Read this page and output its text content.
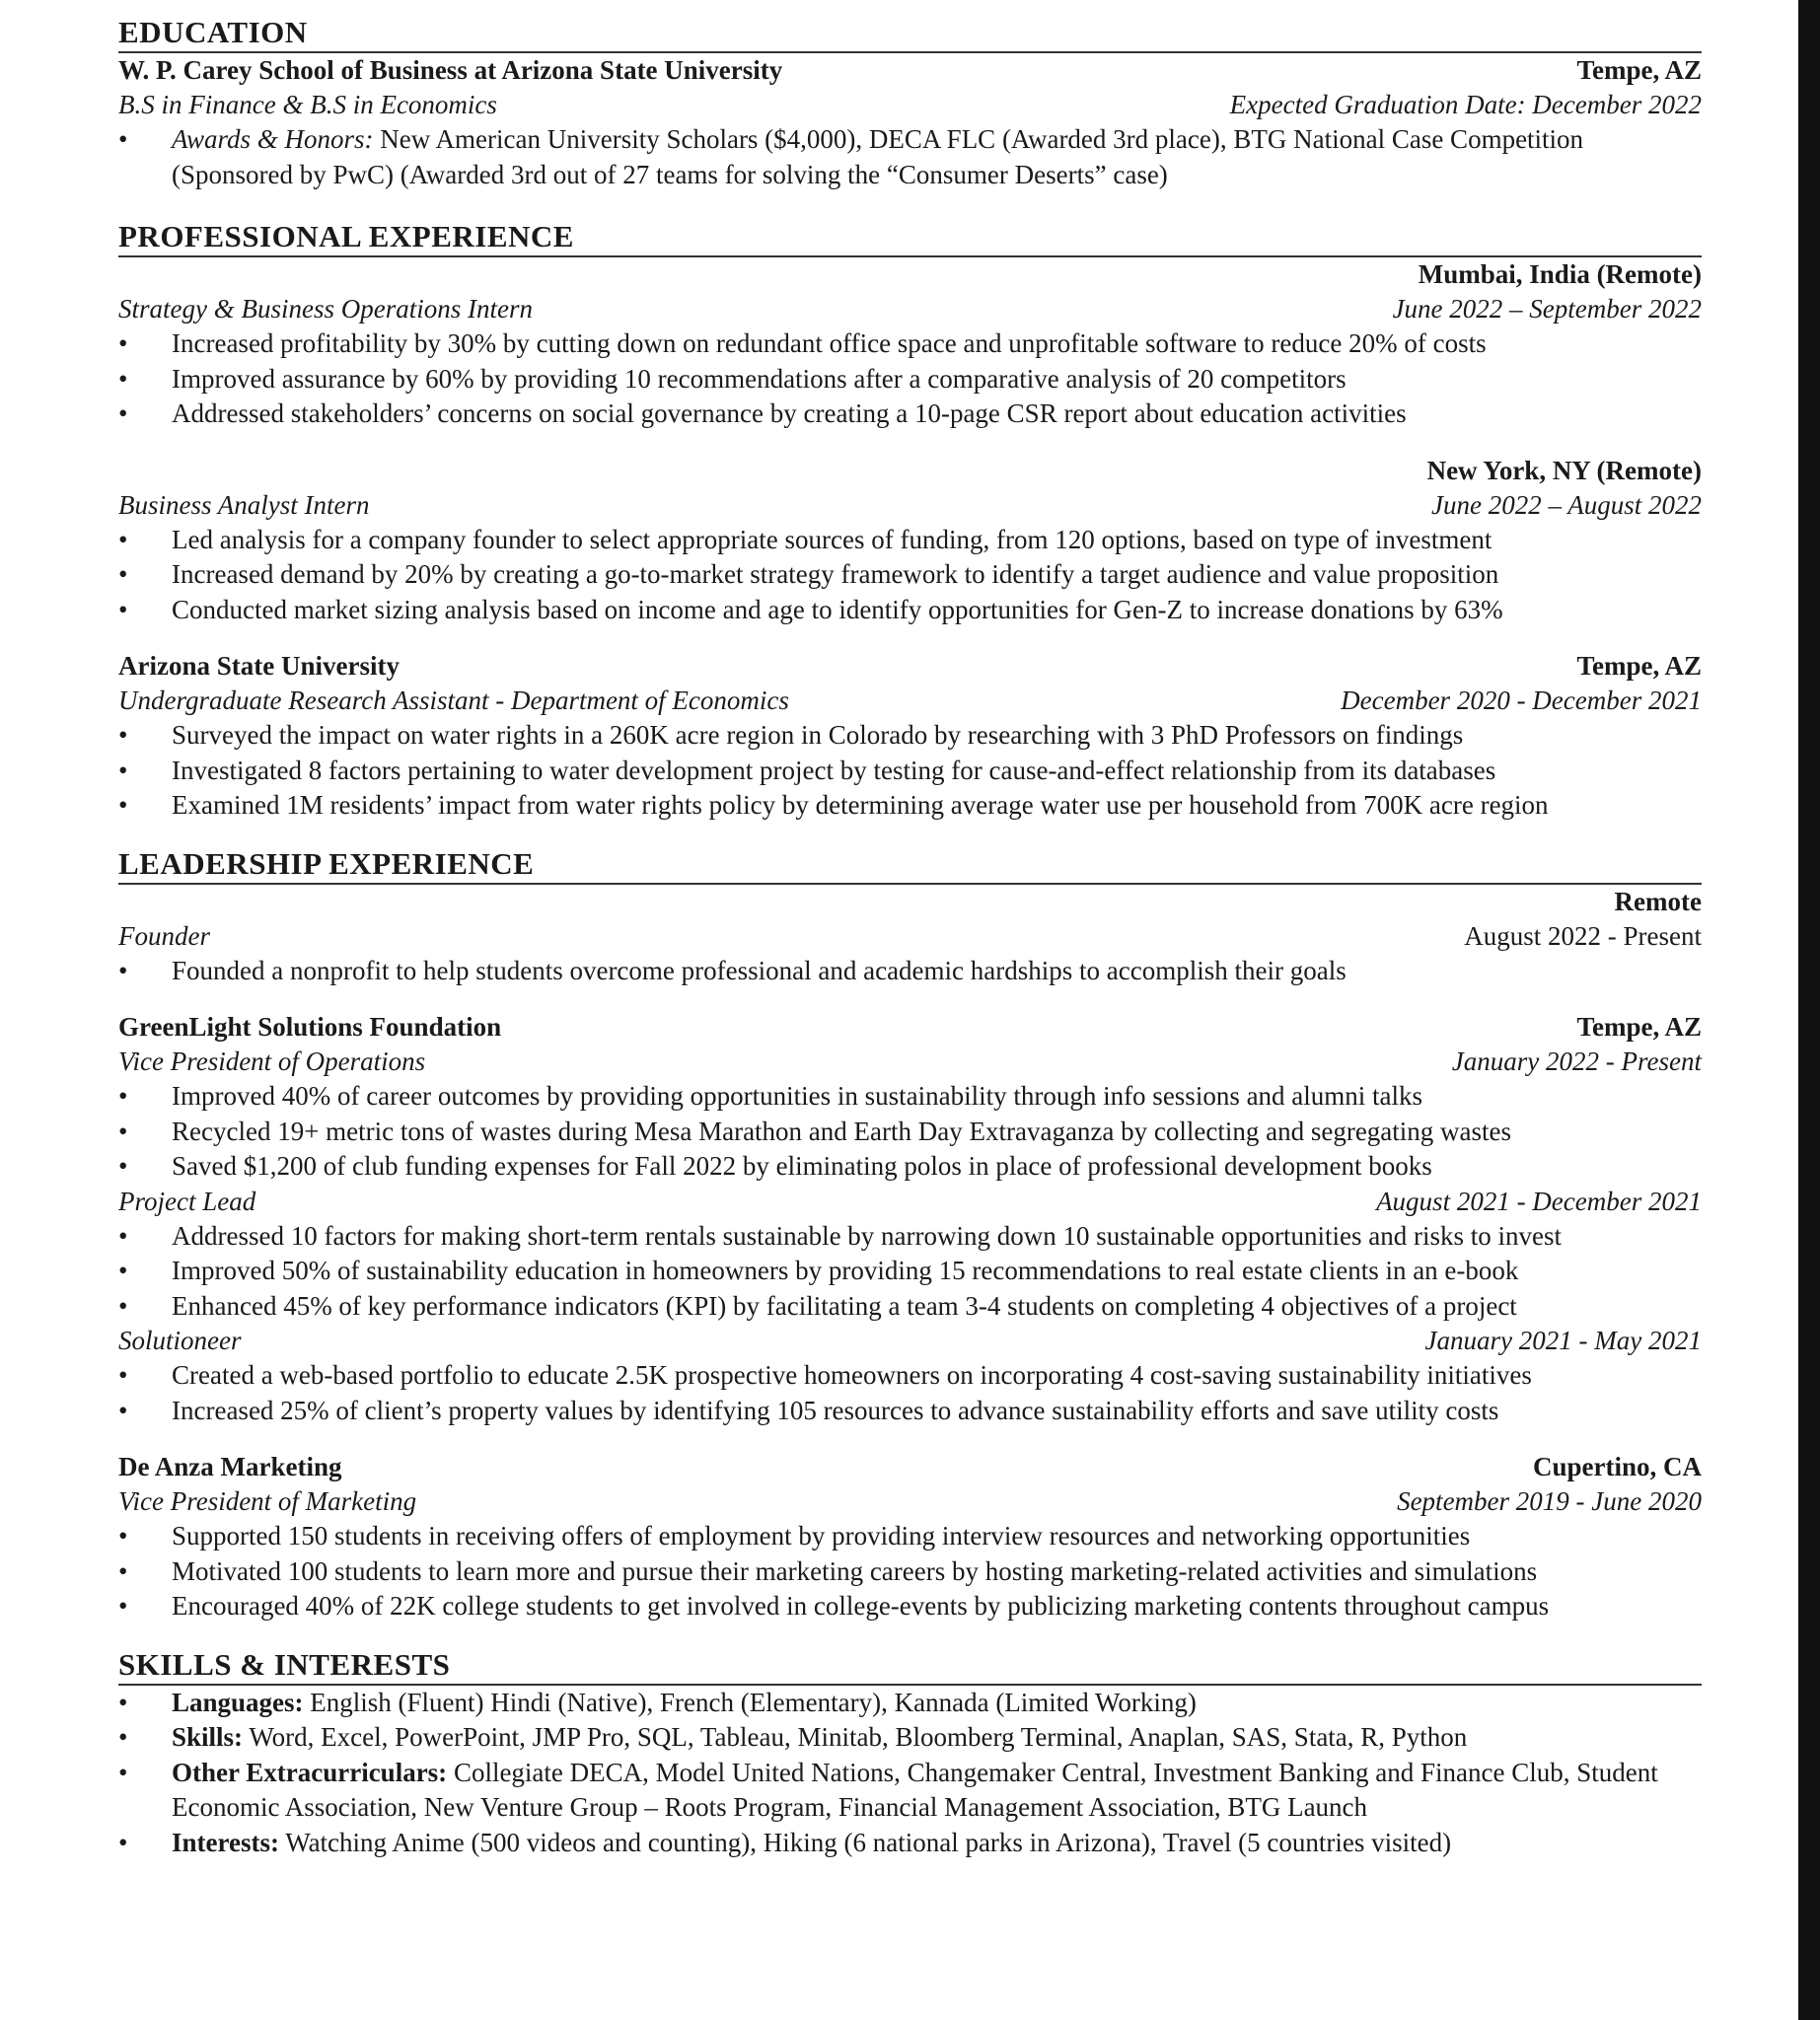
EDUCATION
W. P. Carey School of Business at Arizona State University	Tempe, AZ
B.S in Finance & B.S in Economics	Expected Graduation Date: December 2022
• Awards & Honors: New American University Scholars ($4,000), DECA FLC (Awarded 3rd place), BTG National Case Competition (Sponsored by PwC) (Awarded 3rd out of 27 teams for solving the “Consumer Deserts” case)
PROFESSIONAL EXPERIENCE
Mumbai, India (Remote)
Strategy & Business Operations Intern	June 2022 – September 2022
• Increased profitability by 30% by cutting down on redundant office space and unprofitable software to reduce 20% of costs
• Improved assurance by 60% by providing 10 recommendations after a comparative analysis of 20 competitors
• Addressed stakeholders’ concerns on social governance by creating a 10-page CSR report about education activities
New York, NY (Remote)
Business Analyst Intern	June 2022 – August 2022
• Led analysis for a company founder to select appropriate sources of funding, from 120 options, based on type of investment
• Increased demand by 20% by creating a go-to-market strategy framework to identify a target audience and value proposition
• Conducted market sizing analysis based on income and age to identify opportunities for Gen-Z to increase donations by 63%
Arizona State University	Tempe, AZ
Undergraduate Research Assistant - Department of Economics	December 2020 - December 2021
• Surveyed the impact on water rights in a 260K acre region in Colorado by researching with 3 PhD Professors on findings
• Investigated 8 factors pertaining to water development project by testing for cause-and-effect relationship from its databases
• Examined 1M residents’ impact from water rights policy by determining average water use per household from 700K acre region
LEADERSHIP EXPERIENCE
Remote
Founder	August 2022 - Present
• Founded a nonprofit to help students overcome professional and academic hardships to accomplish their goals
GreenLight Solutions Foundation	Tempe, AZ
Vice President of Operations	January 2022 - Present
• Improved 40% of career outcomes by providing opportunities in sustainability through info sessions and alumni talks
• Recycled 19+ metric tons of wastes during Mesa Marathon and Earth Day Extravaganza by collecting and segregating wastes
• Saved $1,200 of club funding expenses for Fall 2022 by eliminating polos in place of professional development books
Project Lead	August 2021 - December 2021
• Addressed 10 factors for making short-term rentals sustainable by narrowing down 10 sustainable opportunities and risks to invest
• Improved 50% of sustainability education in homeowners by providing 15 recommendations to real estate clients in an e-book
• Enhanced 45% of key performance indicators (KPI) by facilitating a team 3-4 students on completing 4 objectives of a project
Solutioneer	January 2021 - May 2021
• Created a web-based portfolio to educate 2.5K prospective homeowners on incorporating 4 cost-saving sustainability initiatives
• Increased 25% of client’s property values by identifying 105 resources to advance sustainability efforts and save utility costs
De Anza Marketing	Cupertino, CA
Vice President of Marketing	September 2019 - June 2020
• Supported 150 students in receiving offers of employment by providing interview resources and networking opportunities
• Motivated 100 students to learn more and pursue their marketing careers by hosting marketing-related activities and simulations
• Encouraged 40% of 22K college students to get involved in college-events by publicizing marketing contents throughout campus
SKILLS & INTERESTS
• Languages: English (Fluent) Hindi (Native), French (Elementary), Kannada (Limited Working)
• Skills: Word, Excel, PowerPoint, JMP Pro, SQL, Tableau, Minitab, Bloomberg Terminal, Anaplan, SAS, Stata, R, Python
• Other Extracurriculars: Collegiate DECA, Model United Nations, Changemaker Central, Investment Banking and Finance Club, Student Economic Association, New Venture Group – Roots Program, Financial Management Association, BTG Launch
• Interests: Watching Anime (500 videos and counting), Hiking (6 national parks in Arizona), Travel (5 countries visited)
